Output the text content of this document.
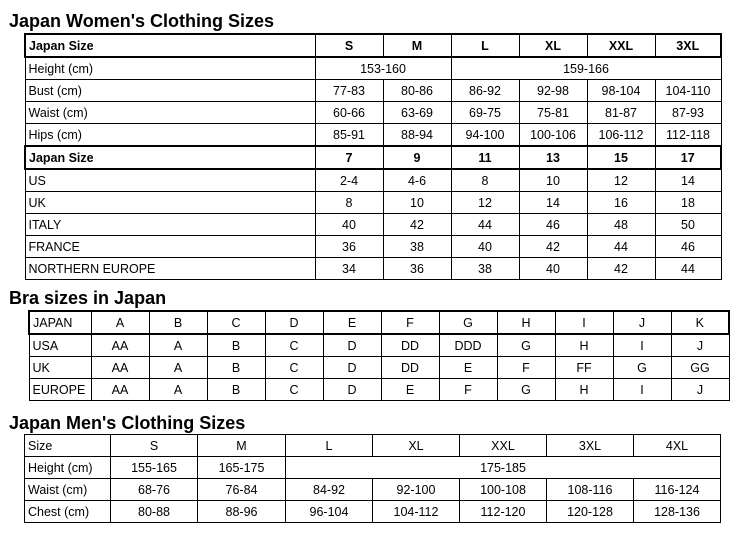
Japan Women's Clothing Sizes
Japan Size	S	M	L	XL	XXL	3XL
Height (cm)	153-160		159-166			
Bust (cm)	77-83	80-86	86-92	92-98	98-104	104-110
Waist (cm)	60-66	63-69	69-75	75-81	81-87	87-93
Hips (cm)	85-91	88-94	94-100	100-106	106-112	112-118
Japan Size	7	9	11	13	15	17
US	2-4	4-6	8	10	12	14
UK	8	10	12	14	16	18
ITALY	40	42	44	46	48	50
FRANCE	36	38	40	42	44	46
NORTHERN EUROPE	34	36	38	40	42	44
Bra sizes in Japan
JAPAN	A	B	C	D	E	F	G	H	I	J	K
USA	AA	A	B	C	D	DD	DDD	G	H	I	J
UK	AA	A	B	C	D	DD	E	F	FF	G	GG
EUROPE	AA	A	B	C	D	E	F	G	H	I	J
Japan Men's Clothing Sizes
Size	S	M	L	XL	XXL	3XL	4XL
Height (cm)	155-165	165-175	175-185				
Waist (cm)	68-76	76-84	84-92	92-100	100-108	108-116	116-124
Chest (cm)	80-88	88-96	96-104	104-112	112-120	120-128	128-136
